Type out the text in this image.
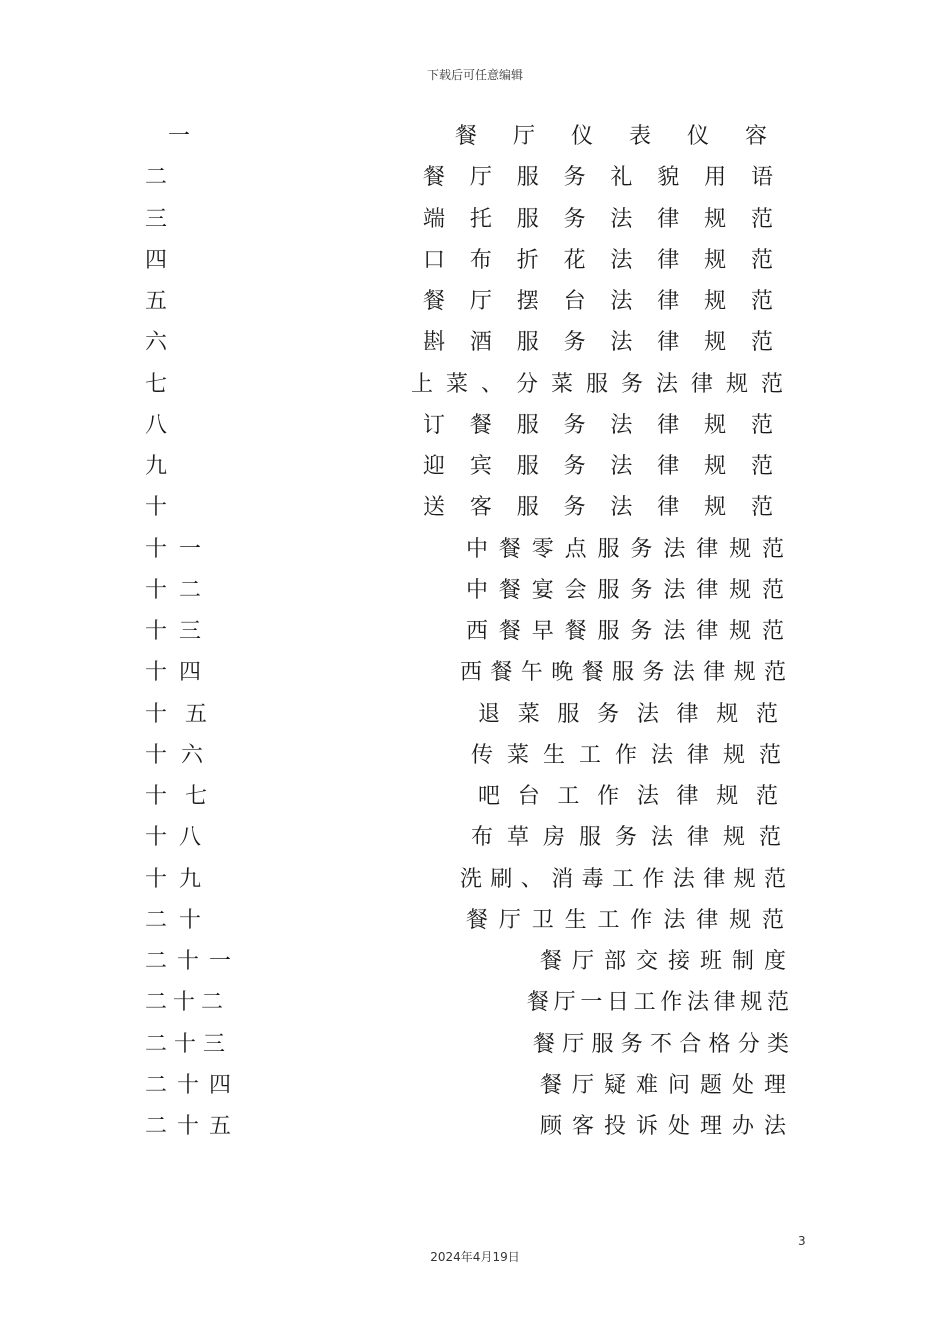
下载后可任意编辑
一	餐厅仪表仪容
二	餐厅服务礼貌用语
三	端托服务法律规范
四	口布折花法律规范
五	餐厅摆台法律规范
六	斟酒服务法律规范
七	上菜、分菜服务法律规范
八	订餐服务法律规范
九	迎宾服务法律规范
十	送客服务法律规范
十一	中餐零点服务法律规范
十二	中餐宴会服务法律规范
十三	西餐早餐服务法律规范
十四	西餐午晚餐服务法律规范
十 五	退菜服务法律规范
十六	传菜生工作法律规范
十 七	吧台工作法律规范
十八	布草房服务法律规范
十九	洗刷、消毒工作法律规范
二十	餐厅卫生工作法律规范
二十一	餐厅部交接班制度
二十二	餐厅一日工作法律规范
二十三	餐厅服务不合格分类
二十四	餐厅疑难问题处理
二十五	顾客投诉处理办法
3
2024年4月19日
